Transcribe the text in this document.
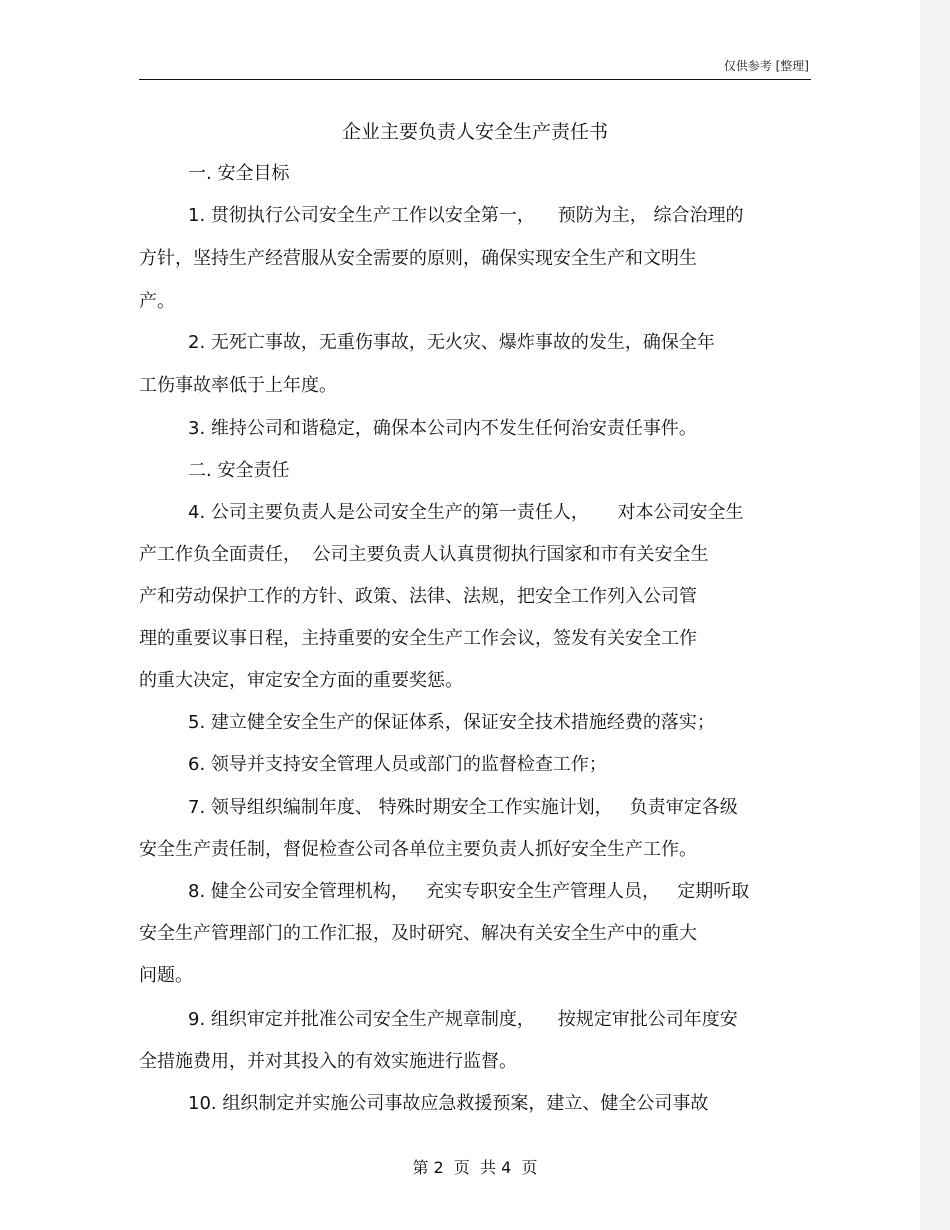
仅供参考 [整理]
企业主要负责人安全生产责任书
一. 安全目标
1. 贯彻执行公司安全生产工作以安全第一，    预防为主， 综合治理的
方针，坚持生产经营服从安全需要的原则，确保实现安全生产和文明生
产。
2. 无死亡事故，无重伤事故，无火灾、爆炸事故的发生，确保全年
工伤事故率低于上年度。
3. 维持公司和谐稳定，确保本公司内不发生任何治安责任事件。
二. 安全责任
4. 公司主要负责人是公司安全生产的第一责任人，     对本公司安全生
产工作负全面责任，  公司主要负责人认真贯彻执行国家和市有关安全生
产和劳动保护工作的方针、政策、法律、法规，把安全工作列入公司管
理的重要议事日程，主持重要的安全生产工作会议，签发有关安全工作
的重大决定，审定安全方面的重要奖惩。
5. 建立健全安全生产的保证体系，保证安全技术措施经费的落实；
6. 领导并支持安全管理人员或部门的监督检查工作；
7. 领导组织编制年度、 特殊时期安全工作实施计划，   负责审定各级
安全生产责任制，督促检查公司各单位主要负责人抓好安全生产工作。
8. 健全公司安全管理机构，   充实专职安全生产管理人员，   定期听取
安全生产管理部门的工作汇报，及时研究、解决有关安全生产中的重大
问题。
9. 组织审定并批准公司安全生产规章制度，    按规定审批公司年度安
全措施费用，并对其投入的有效实施进行监督。
10. 组织制定并实施公司事故应急救援预案，建立、健全公司事故
第 2  页  共 4  页
